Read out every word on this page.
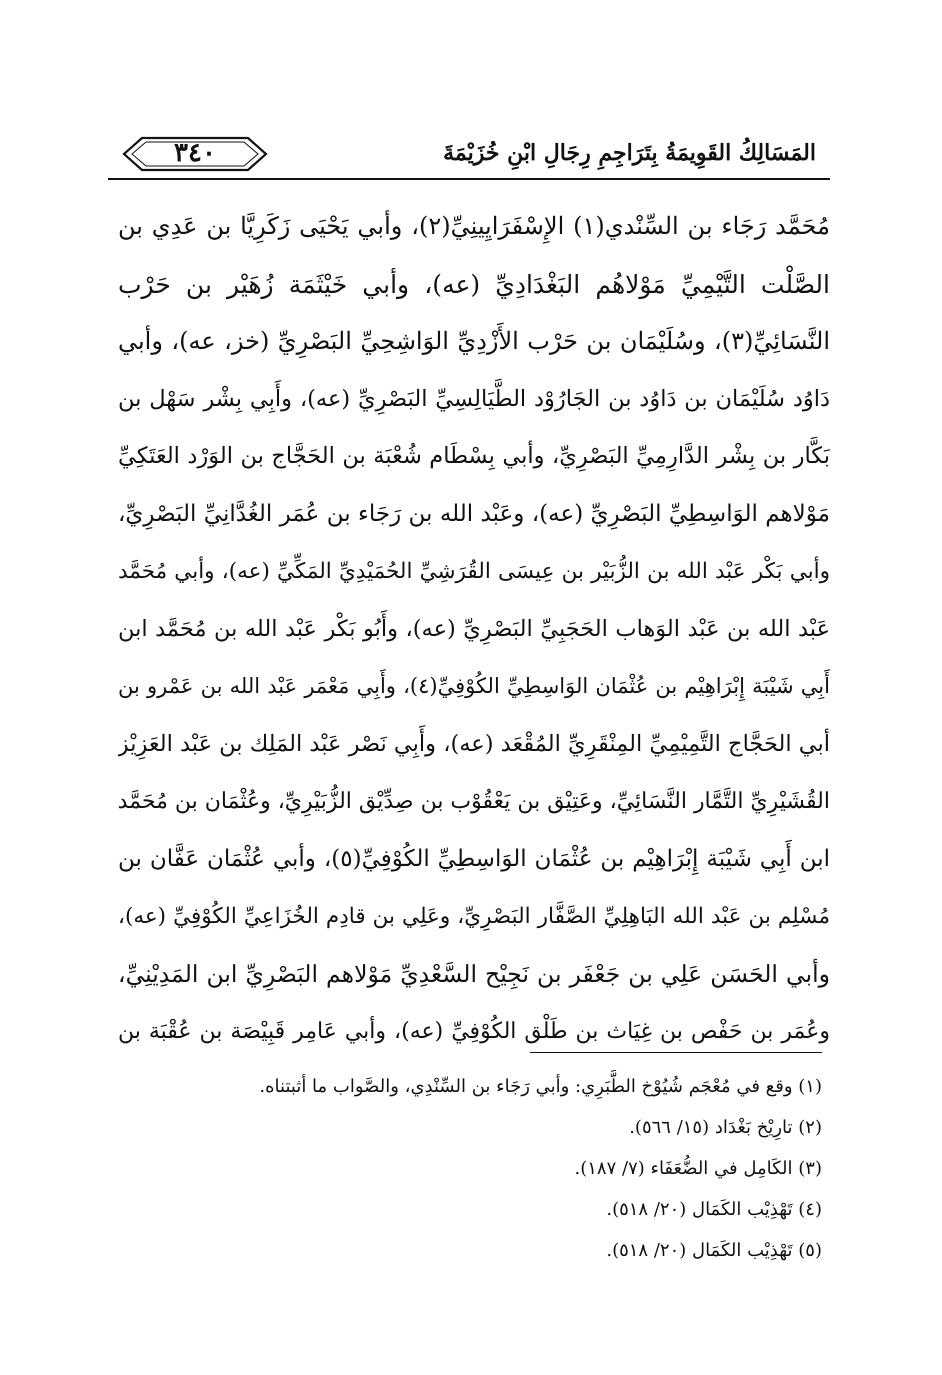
٣٤٠	المَسَالِكُ القَوِيمَةُ بِتَرَاجِمِ رِجَالِ ابْنِ خُزَيْمَةَ
مُحَمَّد رَجَاء بن السِّنْدي(١) الإِسْفَرَايِينِيِّ(٢)، وأبي يَحْيَى زَكَرِيَّا بن عَدِي بن
الصَّلْت التَّيْمِيِّ مَوْلاهُم البَغْدَادِيِّ (عه)، وأبي خَيْثَمَة زُهَيْر بن حَرْب
النَّسَائِيِّ(٣)، وسُلَيْمَان بن حَرْب الأَزْدِيِّ الوَاشِحِيِّ البَصْرِيِّ (خز، عه)، وأبي
دَاوُد سُلَيْمَان بن دَاوُد بن الجَارُوْد الطَّيَالِسِيِّ البَصْرِيِّ (عه)، وأَبِي بِشْر سَهْل بن
بَكَّار بن بِشْر الدَّارِمِيِّ البَصْرِيِّ، وأبي بِسْطَام شُعْبَة بن الحَجَّاج بن الوَرْد العَتَكِيِّ
مَوْلاهم الوَاسِطِيِّ البَصْرِيِّ (عه)، وعَبْد الله بن رَجَاء بن عُمَر الغُدَّانِيِّ البَصْرِيِّ،
وأبي بَكْر عَبْد الله بن الزُّبَيْر بن عِيسَى القُرَشِيِّ الحُمَيْدِيِّ المَكِّيِّ (عه)، وأبي مُحَمَّد
عَبْد الله بن عَبْد الوَهاب الحَجَبِيِّ البَصْرِيِّ (عه)، وأَبُو بَكْر عَبْد الله بن مُحَمَّد ابن
أَبِي شَيْبَة إِبْرَاهِيْم بن عُثْمَان الوَاسِطِيِّ الكُوْفِيِّ(٤)، وأَبِي مَعْمَر عَبْد الله بن عَمْرو بن
أبي الحَجَّاج التَّمِيْمِيِّ المِنْقَرِيِّ المُقْعَد (عه)، وأَبِي نَصْر عَبْد المَلِك بن عَبْد العَزِيْز
القُشَيْرِيِّ التَّمَّار النَّسَائِيِّ، وعَتِيْق بن يَعْقُوْب بن صِدِّيْق الزُّبَيْرِيِّ، وعُثْمَان بن مُحَمَّد
ابن أَبِي شَيْبَة إِبْرَاهِيْم بن عُثْمَان الوَاسِطِيِّ الكُوْفِيِّ(٥)، وأبي عُثْمَان عَفَّان بن
مُسْلِم بن عَبْد الله البَاهِلِيِّ الصَّفَّار البَصْرِيِّ، وعَلِي بن قادِم الخُزَاعِيِّ الكُوْفِيِّ (عه)،
وأبي الحَسَن عَلِي بن جَعْفَر بن نَجِيْح السَّعْدِيِّ مَوْلاهم البَصْرِيِّ ابن المَدِيْنِيِّ،
وعُمَر بن حَفْص بن غِيَاث بن طَلْق الكُوْفِيِّ (عه)، وأبي عَامِر قَبِيْصَة بن عُقْبَة بن
(١) وقع في مُعْجَم شُيُوْخ الطَّبَرِي: وأبي رَجَاء بن السِّنْدِي، والصَّواب ما أثبتناه.
(٢) تارِيْخ بَغْدَاد (١٥/ ٥٦٦).
(٣) الكَامِل في الضُّعَفَاء (٧/ ١٨٧).
(٤) تَهْذِيْب الكَمَال (٢٠/ ٥١٨).
(٥) تَهْذِيْب الكَمَال (٢٠/ ٥١٨).
